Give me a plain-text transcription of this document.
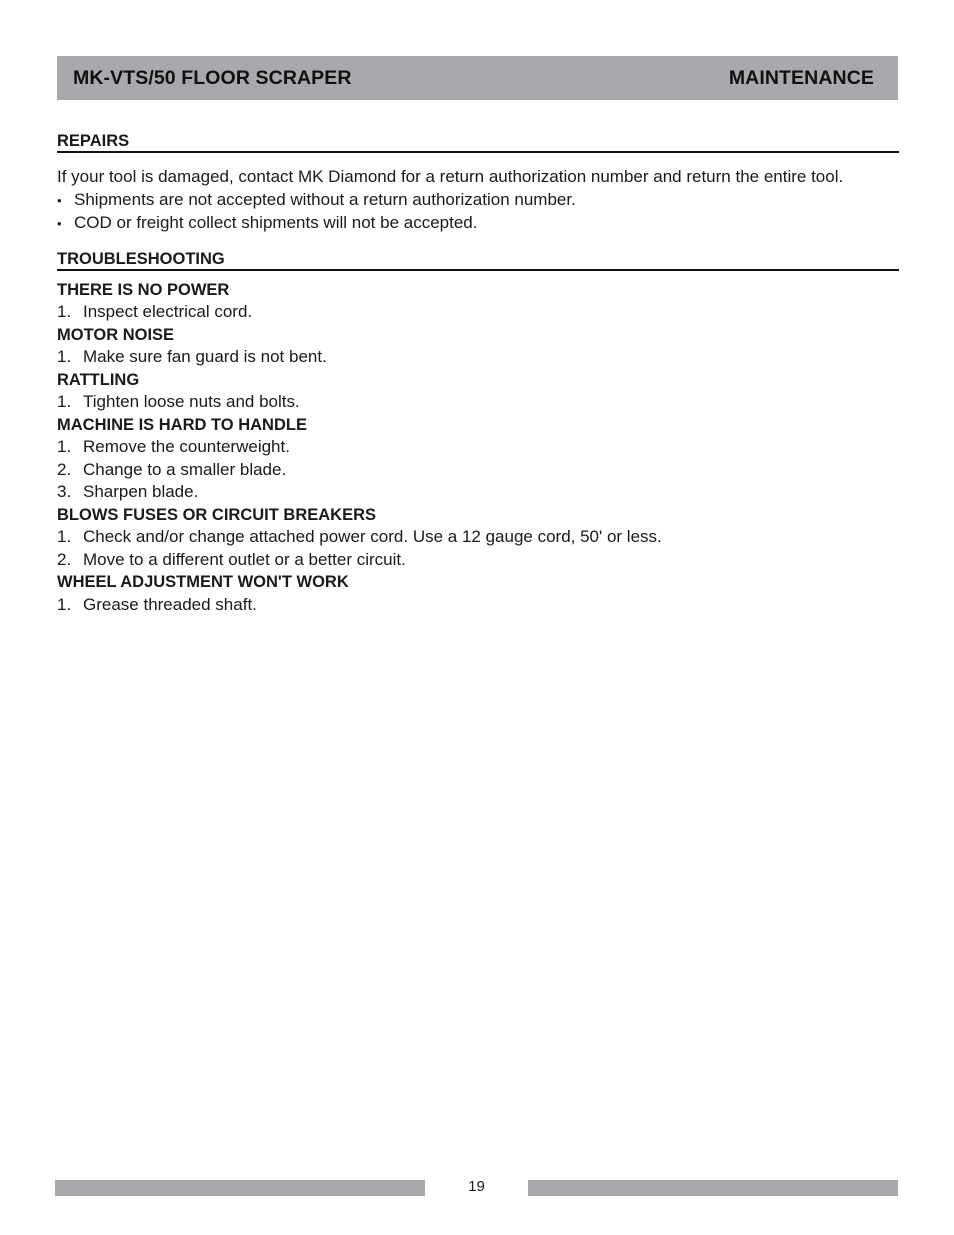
MK-VTS/50 FLOOR SCRAPER	MAINTENANCE
REPAIRS

If your tool is damaged, contact MK Diamond for a return authorization number and return the entire tool.

• Shipments are not accepted without a return authorization number.
• COD or freight collect shipments will not be accepted.
TROUBLESHOOTING
THERE IS NO POWER
1. Inspect electrical cord.
MOTOR NOISE
1. Make sure fan guard is not bent.
RATTLING
1. Tighten loose nuts and bolts.
MACHINE IS HARD TO HANDLE
1. Remove the counterweight.
2. Change to a smaller blade.
3. Sharpen blade.
BLOWS FUSES OR CIRCUIT BREAKERS
1. Check and/or change attached power cord. Use a 12 gauge cord, 50' or less.
2. Move to a different outlet or a better circuit.
WHEEL ADJUSTMENT WON'T WORK
1. Grease threaded shaft.
19
